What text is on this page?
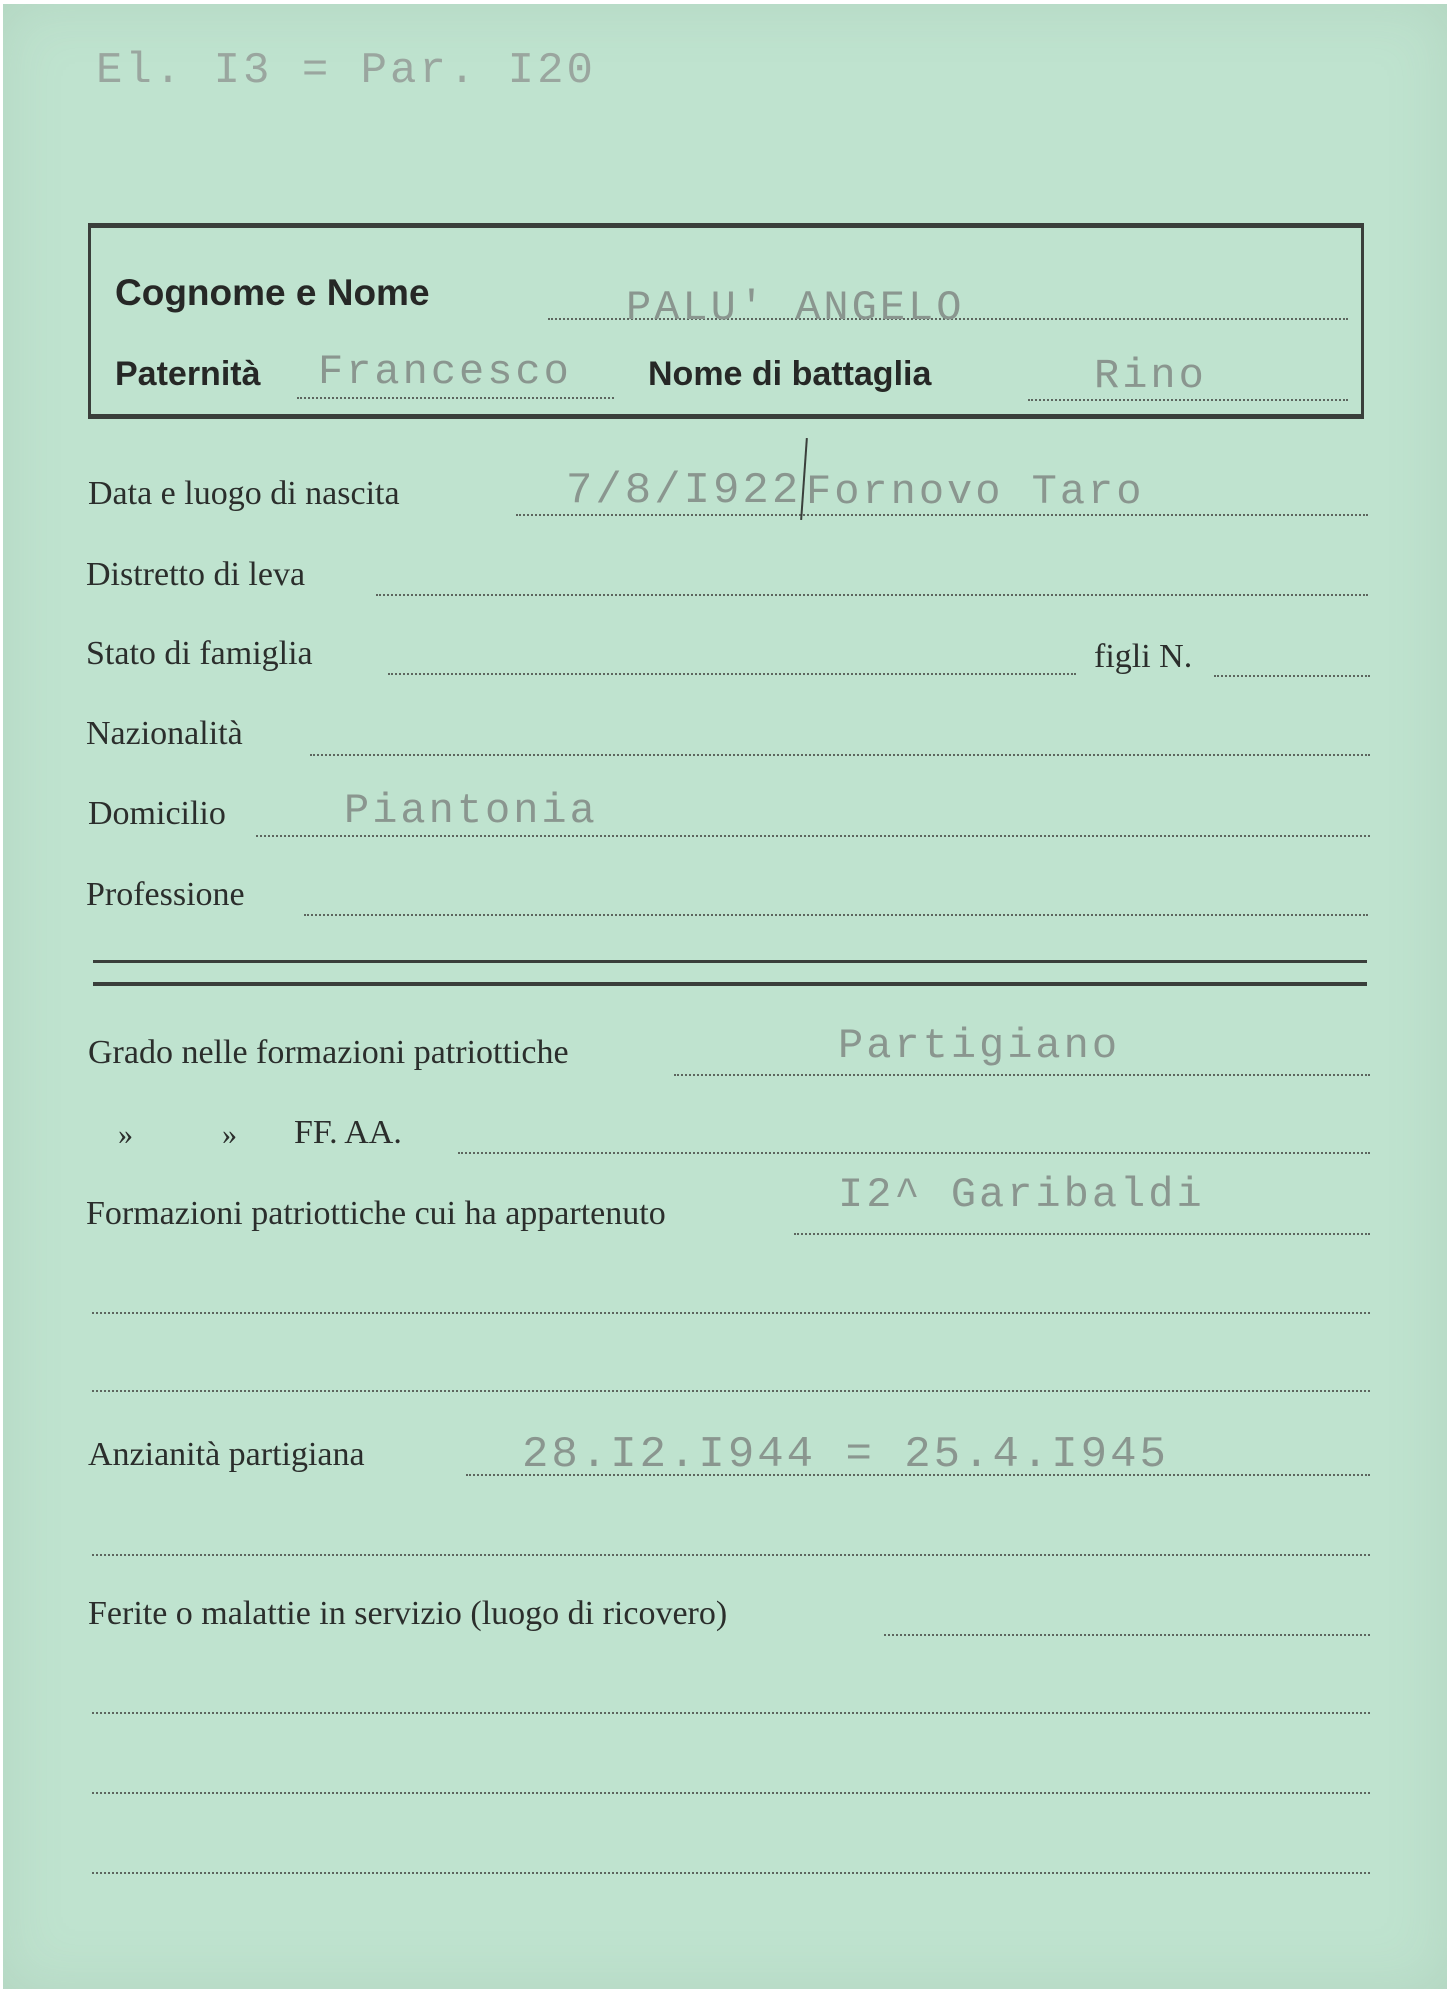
El. I3 = Par. I20
Cognome e Nome	PALU' ANGELO
Paternità Francesco Nome di battaglia	Rino
Data e luogo di nascita	7/8/I922 Fornovo Taro
Distretto di leva
Stato di famiglia	figli N.
Nazionalità
Domicilio	Piantonia
Professione
Grado nelle formazioni patriottiche	Partigiano
»	» FF. AA.
Formazioni patriottiche cui ha appartenuto	I2^ Garibaldi
Anzianità partigiana	28.I2.I944 = 25.4.I945
Ferite o malattie in servizio (luogo di ricovero)
